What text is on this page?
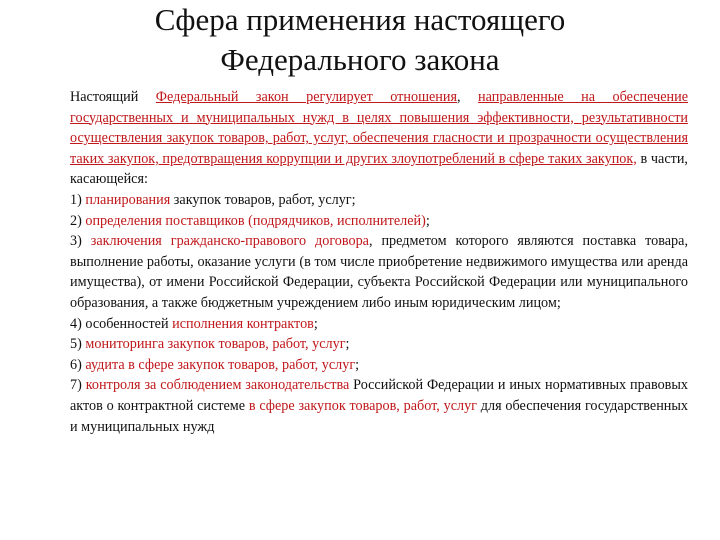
Сфера применения настоящего
Федерального закона

Настоящий Федеральный закон регулирует отношения, направленные на обеспечение государственных и муниципальных нужд в целях повышения эффективности, результативности осуществления закупок товаров, работ, услуг, обеспечения гласности и прозрачности осуществления таких закупок, предотвращения коррупции и других злоупотреблений в сфере таких закупок, в части, касающейся:

1) планирования закупок товаров, работ, услуг;

2) определения поставщиков (подрядчиков, исполнителей);

3) заключения гражданско-правового договора, предметом которого являются поставка товара, выполнение работы, оказание услуги (в том числе приобретение недвижимого имущества или аренда имущества), от имени Российской Федерации, субъекта Российской Федерации или муниципального образования, а также бюджетным учреждением либо иным юридическим лицом;

4) особенностей исполнения контрактов;

5) мониторинга закупок товаров, работ, услуг;

6) аудита в сфере закупок товаров, работ, услуг;

7) контроля за соблюдением законодательства Российской Федерации и иных нормативных правовых актов о контрактной системе в сфере закупок товаров, работ, услуг для обеспечения государственных и муниципальных нужд
